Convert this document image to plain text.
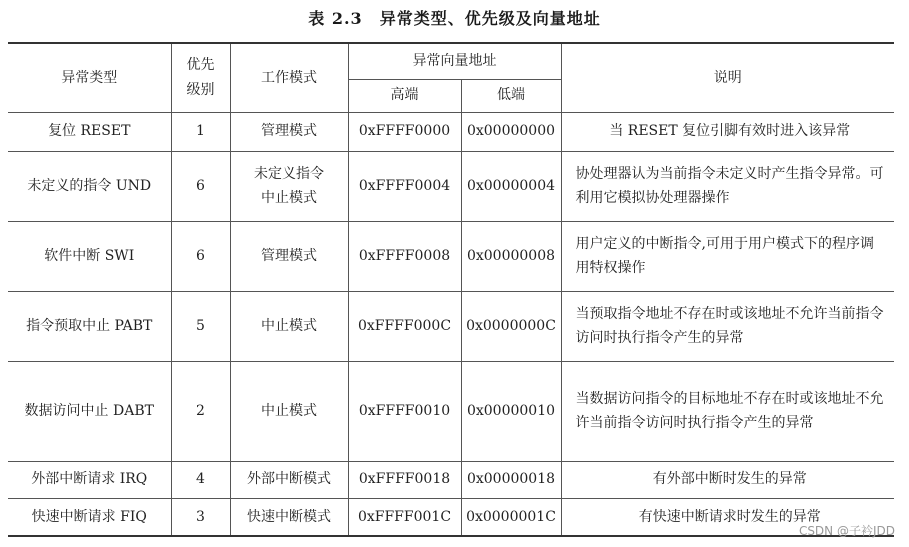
表 2.3　异常类型、优先级及向量地址
异常类型	优先级别	工作模式	异常向量地址		说明
			高端	低端	
复位 RESET	1	管理模式	0xFFFF0000	0x00000000	当 RESET 复位引脚有效时进入该异常
未定义的指令 UND	6	未定义指令中止模式	0xFFFF0004	0x00000004	协处理器认为当前指令未定义时产生指令异常。可利用它模拟协处理器操作
软件中断 SWI	6	管理模式	0xFFFF0008	0x00000008	用户定义的中断指令,可用于用户模式下的程序调用特权操作
指令预取中止 PABT	5	中止模式	0xFFFF000C	0x0000000C	当预取指令地址不存在时或该地址不允许当前指令访问时执行指令产生的异常
数据访问中止 DABT	2	中止模式	0xFFFF0010	0x00000010	当数据访问指令的目标地址不存在时或该地址不允许当前指令访问时执行指令产生的异常
外部中断请求 IRQ	4	外部中断模式	0xFFFF0018	0x00000018	有外部中断时发生的异常
快速中断请求 FIQ	3	快速中断模式	0xFFFF001C	0x0000001C	有快速中断请求时发生的异常
CSDN @子衿JDD
